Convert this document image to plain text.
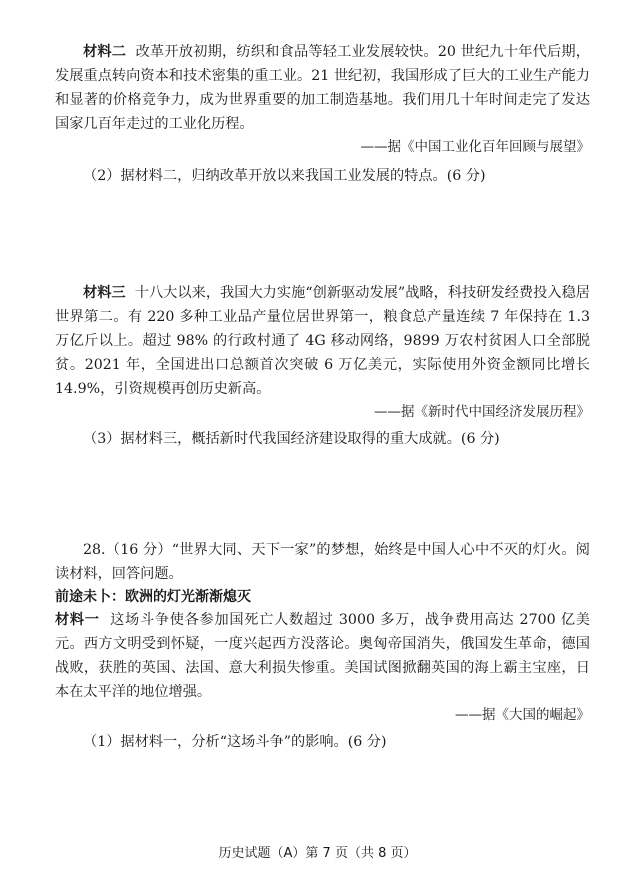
材料二 改革开放初期，纺织和食品等轻工业发展较快。20 世纪九十年代后期，发展重点转向资本和技术密集的重工业。21 世纪初，我国形成了巨大的工业生产能力和显著的价格竞争力，成为世界重要的加工制造基地。我们用几十年时间走完了发达国家几百年走过的工业化历程。

——据《中国工业化百年回顾与展望》

（2）据材料二，归纳改革开放以来我国工业发展的特点。(6 分)

材料三 十八大以来，我国大力实施“创新驱动发展”战略，科技研发经费投入稳居世界第二。有 220 多种工业品产量位居世界第一，粮食总产量连续 7 年保持在 1.3 万亿斤以上。超过 98% 的行政村通了 4G 移动网络，9899 万农村贫困人口全部脱贫。2021 年，全国进出口总额首次突破 6 万亿美元，实际使用外资金额同比增长 14.9%，引资规模再创历史新高。

——据《新时代中国经济发展历程》

（3）据材料三，概括新时代我国经济建设取得的重大成就。(6 分)

28.（16 分）“世界大同、天下一家”的梦想，始终是中国人心中不灭的灯火。阅读材料，回答问题。

前途未卜：欧洲的灯光渐渐熄灭

材料一 这场斗争使各参加国死亡人数超过 3000 多万，战争费用高达 2700 亿美元。西方文明受到怀疑，一度兴起西方没落论。奥匈帝国消失，俄国发生革命，德国战败，获胜的英国、法国、意大利损失惨重。美国试图掀翻英国的海上霸主宝座，日本在太平洋的地位增强。

——据《大国的崛起》

（1）据材料一，分析“这场斗争”的影响。(6 分)

历史试题（A）第 7 页（共 8 页）
